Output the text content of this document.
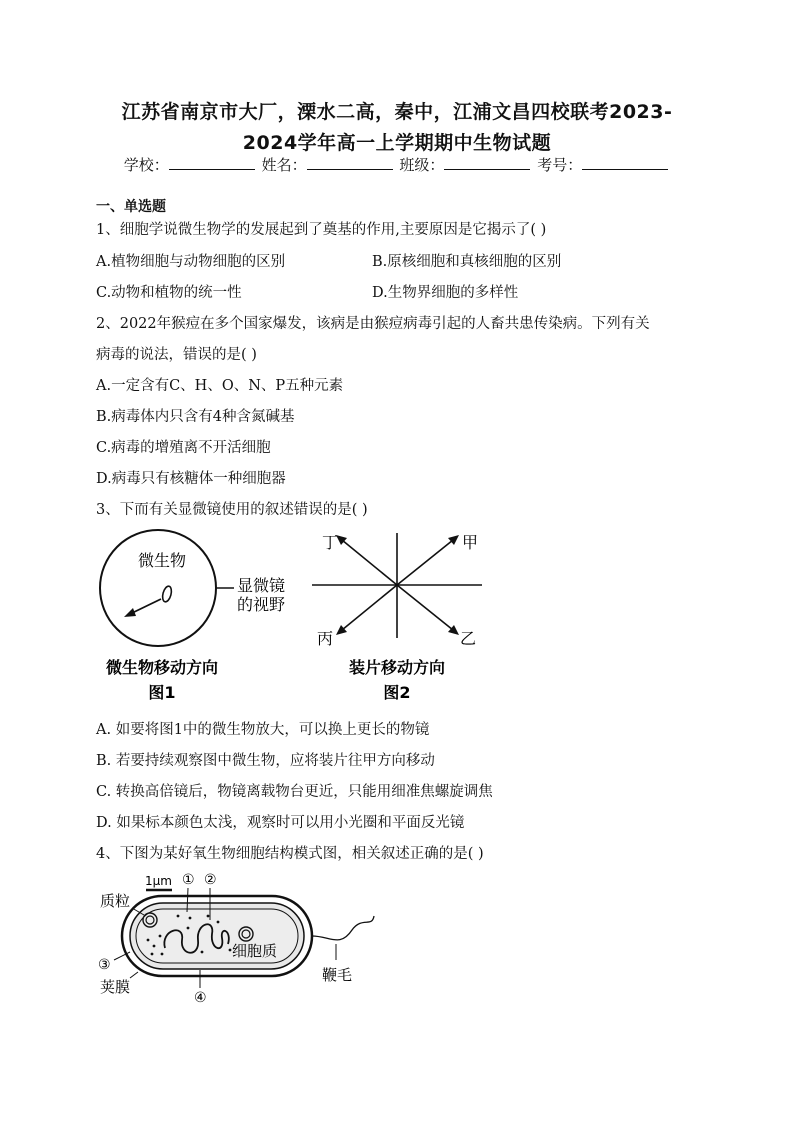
江苏省南京市大厂，溧水二高，秦中，江浦文昌四校联考2023-
2024学年高一上学期期中生物试题
学校：	姓名：	班级：	考号：
一、单选题
1、细胞学说微生物学的发展起到了奠基的作用,主要原因是它揭示了( )
A.植物细胞与动物细胞的区别	B.原核细胞和真核细胞的区别
C.动物和植物的统一性	D.生物界细胞的多样性
2、2022年猴痘在多个国家爆发，该病是由猴痘病毒引起的人畜共患传染病。下列有关
病毒的说法，错误的是( )
A.一定含有C、H、O、N、P五种元素
B.病毒体内只含有4种含氮碱基
C.病毒的增殖离不开活细胞
D.病毒只有核糖体一种细胞器
3、下而有关显微镜使用的叙述错误的是( )
微生物
显微镜
的视野
微生物移动方向
图1
丁	甲
丙	乙
装片移动方向
图2
A. 如要将图1中的微生物放大，可以换上更长的物镜
B. 若要持续观察图中微生物，应将装片往甲方向移动
C. 转换高倍镜后，物镜离载物台更近，只能用细准焦螺旋调焦
D. 如果标本颜色太浅，观察时可以用小光圈和平面反光镜
4、下图为某好氧生物细胞结构模式图，相关叙述正确的是( )
1μm ① ②
质粒
细胞质
③
荚膜
④
鞭毛
